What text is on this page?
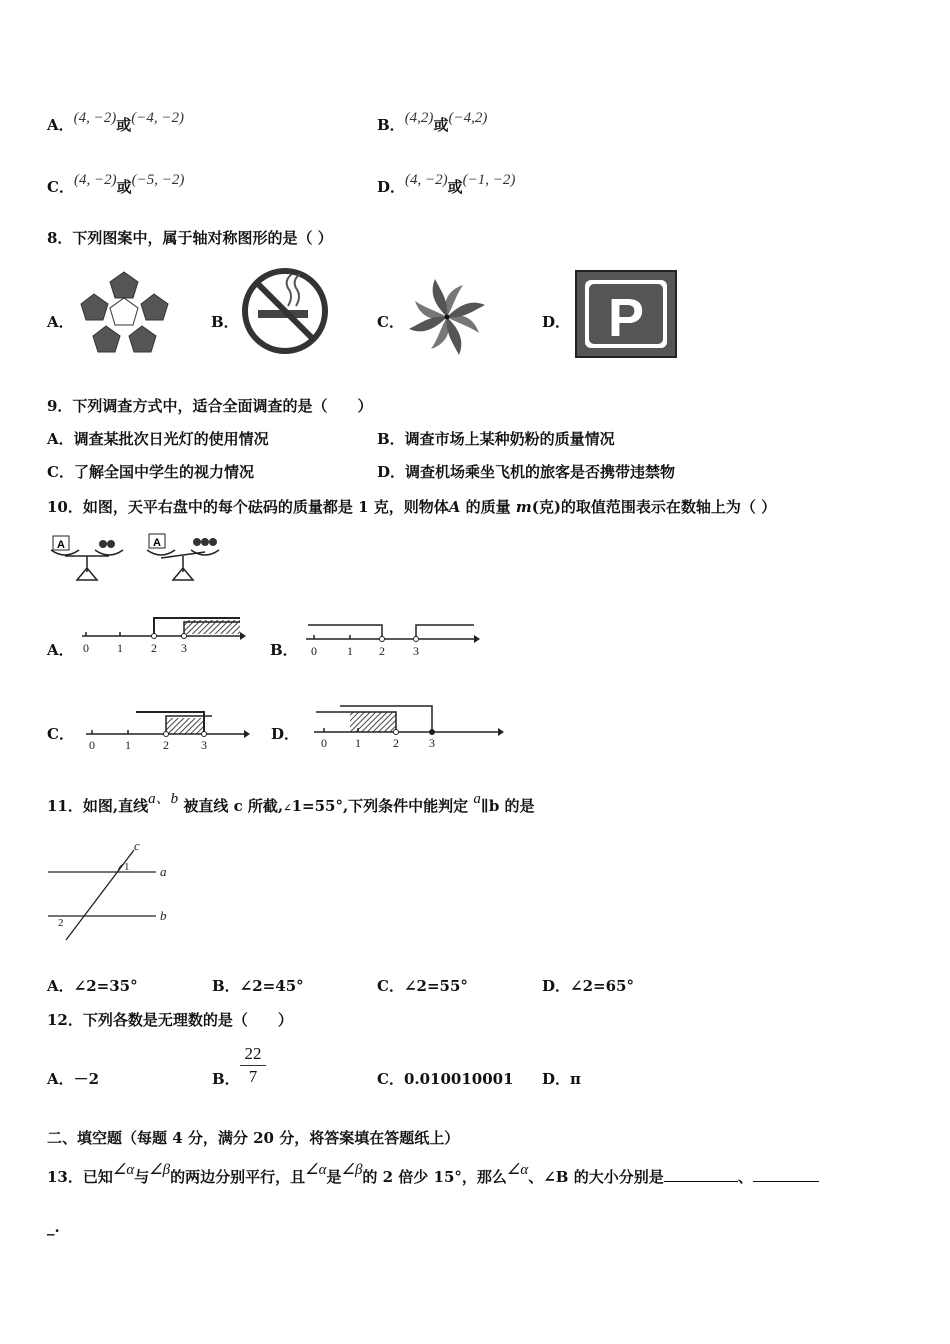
A．(4, −2)或(−4, −2)	B．(4,2)或(−4,2)
C．(4, −2)或(−5, −2)	D．(4, −2)或(−1, −2)
8．下列图案中，属于轴对称图形的是（ ）
A．	B．	C．	D． P
9．下列调查方式中，适合全面调查的是（　　）
A．调查某批次日光灯的使用情况	B．调查市场上某种奶粉的质量情况
C．了解全国中学生的视力情况	D．调查机场乘坐飞机的旅客是否携带违禁物
10．如图，天平右盘中的每个砝码的质量都是 1 克，则物体A 的质量 m(克)的取值范围表示在数轴上为（ ）
A	A
A． 0 1 2 3	B． 0	1 2 3
C．
0	1	2	3
D． 0 1	2	3
11．如图,直线a、b 被直线 c 所截,∠1=55°,下列条件中能判定 a∥b 的是
c
a
b
1
2
A．∠2=35°	B．∠2=45°	C．∠2=55°	D．∠2=65°
12．下列各数是无理数的是（　　）
A．－2	B．
22
7	C．0.010010001 D．π
二、填空题（每题 4 分，满分 20 分，将答案填在答题纸上）
13．已知∠α与∠β的两边分别平行，且∠α是∠β的 2 倍少 15°，那么∠α、∠B 的大小分别是	、
_.
